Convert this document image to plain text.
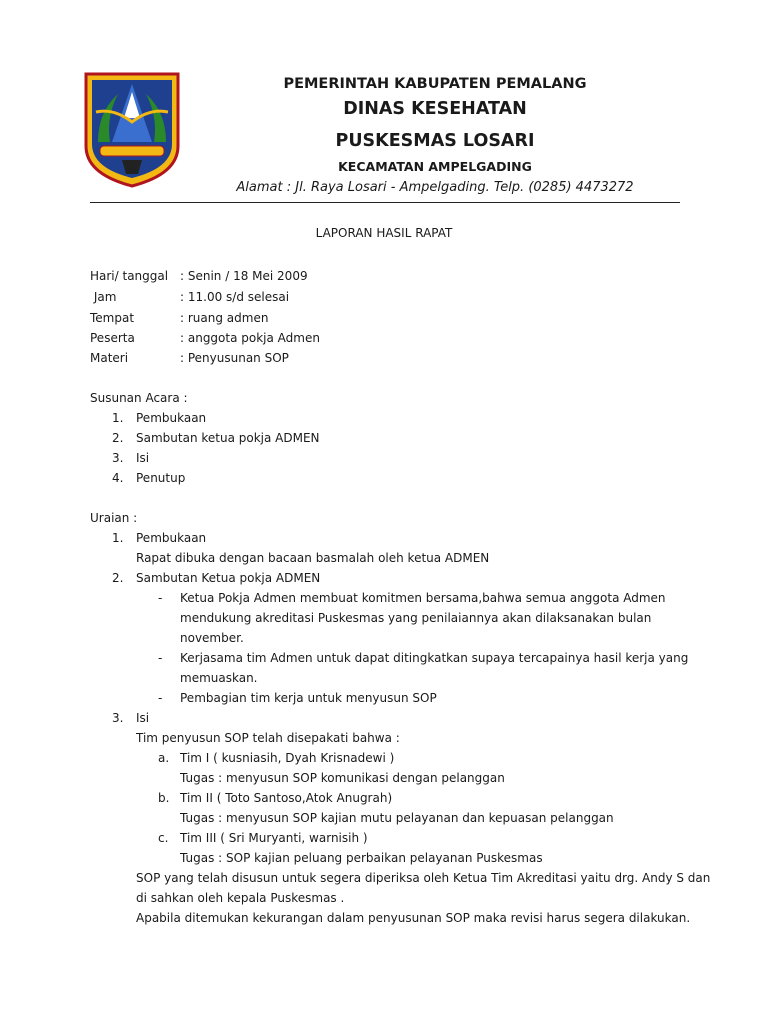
PEMERINTAH KABUPATEN PEMALANG
DINAS KESEHATAN
PUSKESMAS LOSARI
KECAMATAN AMPELGADING
Alamat : Jl. Raya Losari - Ampelgading. Telp. (0285) 4473272
LAPORAN HASIL RAPAT
Hari/ tanggal : Senin / 18 Mei 2009
Jam	: 11.00 s/d selesai
Tempat	: ruang admen
Peserta	: anggota pokja Admen
Materi	: Penyusunan SOP
Susunan Acara :
1. Pembukaan
2. Sambutan ketua pokja ADMEN
3. Isi
4. Penutup
Uraian :
1. Pembukaan
Rapat dibuka dengan bacaan basmalah oleh ketua ADMEN
2. Sambutan Ketua pokja ADMEN
- Ketua Pokja Admen membuat komitmen bersama,bahwa semua anggota Admen
mendukung akreditasi Puskesmas yang penilaiannya akan dilaksanakan bulan
november.
- Kerjasama tim Admen untuk dapat ditingkatkan supaya tercapainya hasil kerja yang
memuaskan.
- Pembagian tim kerja untuk menyusun SOP
3. Isi
Tim penyusun SOP telah disepakati bahwa :
a. Tim I ( kusniasih, Dyah Krisnadewi )
Tugas : menyusun SOP komunikasi dengan pelanggan
b. Tim II ( Toto Santoso,Atok Anugrah)
Tugas : menyusun SOP kajian mutu pelayanan dan kepuasan pelanggan
c. Tim III ( Sri Muryanti, warnisih )
Tugas : SOP kajian peluang perbaikan pelayanan Puskesmas
SOP yang telah disusun untuk segera diperiksa oleh Ketua Tim Akreditasi yaitu drg. Andy S dan
di sahkan oleh kepala Puskesmas .
Apabila ditemukan kekurangan dalam penyusunan SOP maka revisi harus segera dilakukan.
